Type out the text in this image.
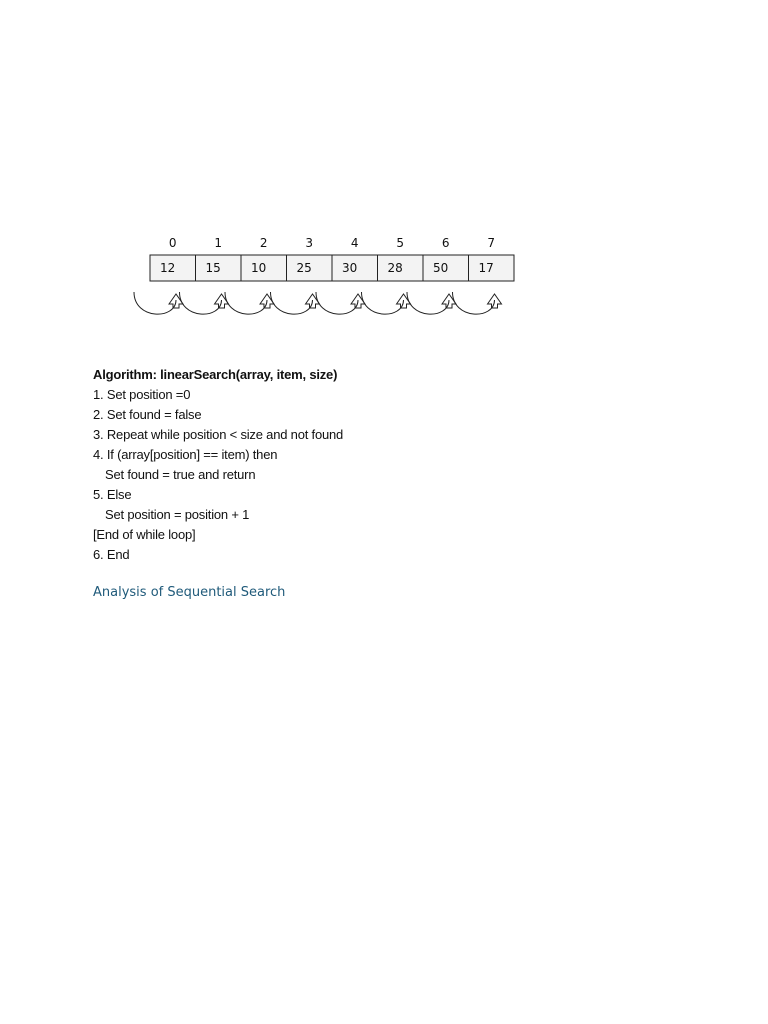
0	1	2	3	4	5	6	7
12	15	10	25	30	28	50	17
Algorithm: linearSearch(array, item, size)
1. Set position =0
2. Set found = false
3. Repeat while position < size and not found
4. If (array[position] == item) then
Set found = true and return
5. Else
Set position = position + 1
[End of while loop]
6. End
Analysis of Sequential Search
